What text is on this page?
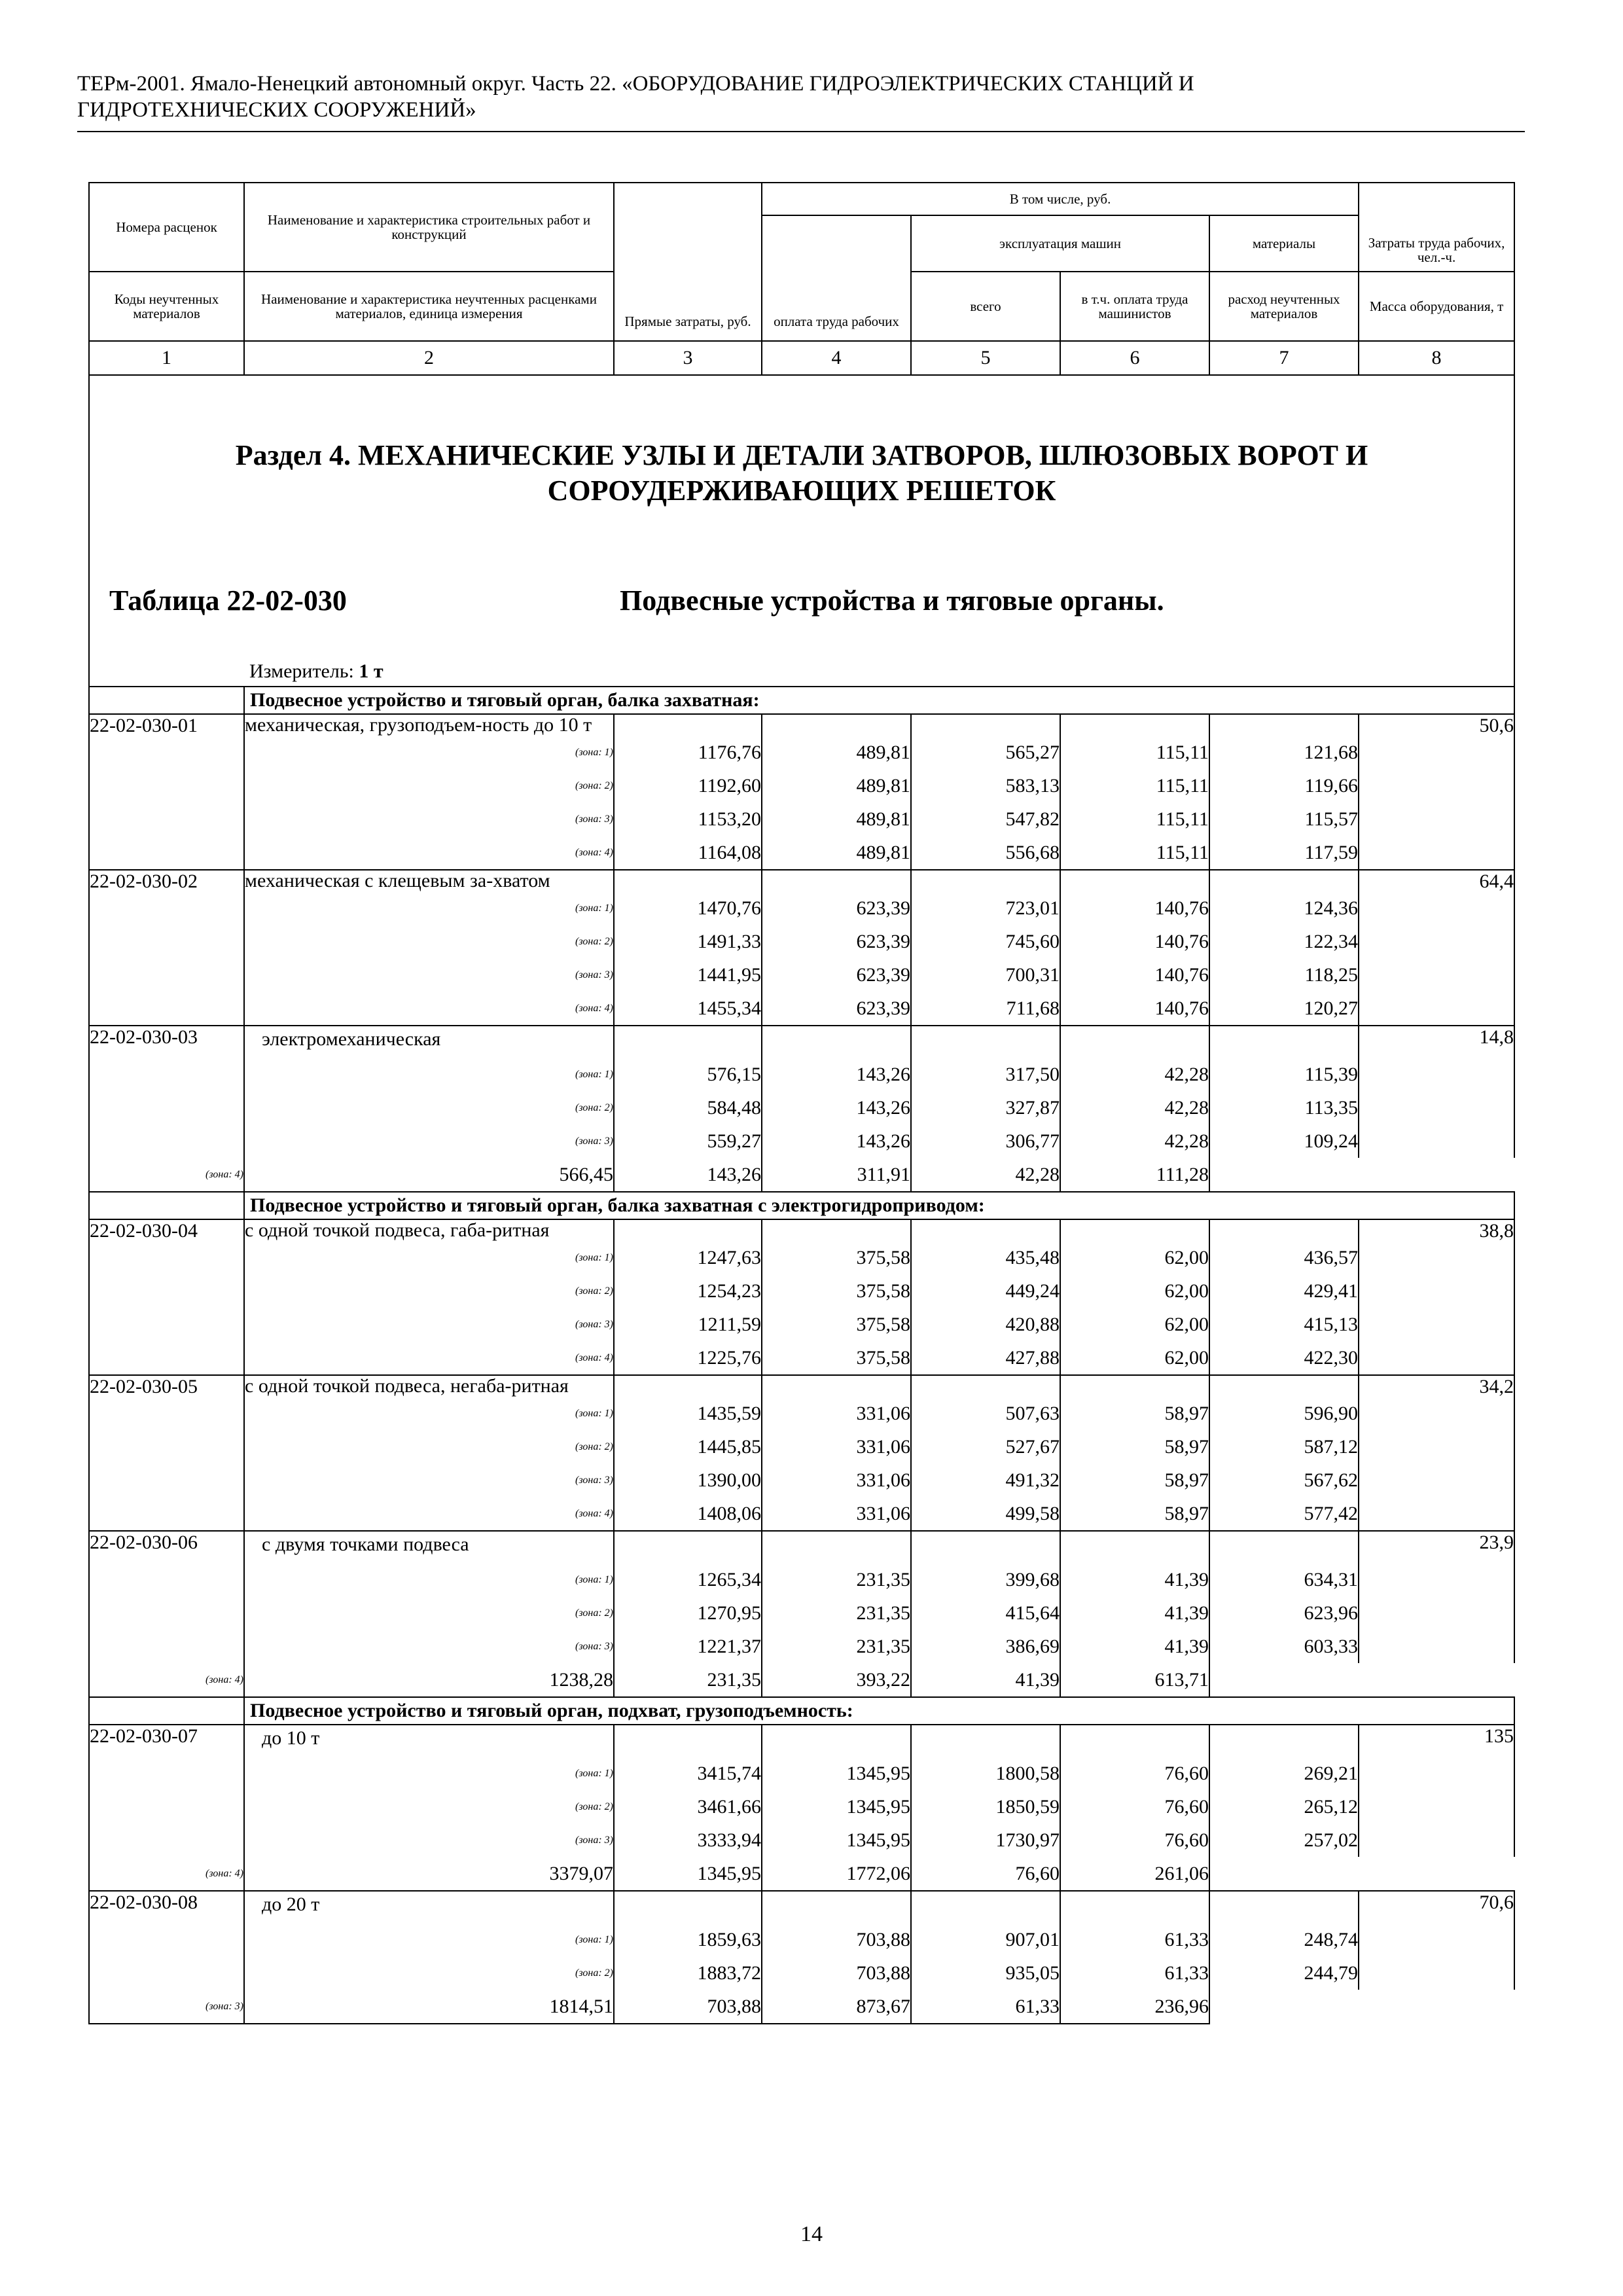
ТЕРм-2001. Ямало-Ненецкий автономный округ. Часть 22. «ОБОРУДОВАНИЕ ГИДРОЭЛЕКТРИЧЕСКИХ СТАНЦИЙ И
ГИДРОТЕХНИЧЕСКИХ СООРУЖЕНИЙ»
Номера расценок	Наименование и характеристика строительных работ и конструкций	Прямые затраты, руб.	В том числе, руб.				Затраты труда рабочих, чел.-ч.
			оплата труда рабочих	эксплуатация машин		материалы	
Коды неучтенных материалов	Наименование и характеристика неучтенных расценками материалов, единица измерения			всего	в т.ч. оплата труда машинистов	расход неучтенных материалов	Масса оборудования, т
1	2	3	4	5	6	7	8

Раздел 4. МЕХАНИЧЕСКИЕ УЗЛЫ И ДЕТАЛИ ЗАТВОРОВ, ШЛЮЗОВЫХ ВОРОТ И
СОРОУДЕРЖИВАЮЩИХ РЕШЕТОК
Таблица 22-02-030 Подвесные устройства и тяговые органы.							

	Измеритель: 1 т						
	Подвесное устройство и тяговый орган, балка захватная:						
22-02-030-01	механическая, грузоподъем-ность до 10 т						50,6
	(зона: 1)	1176,76	489,81	565,27	115,11	121,68	
	(зона: 2)	1192,60	489,81	583,13	115,11	119,66	
	(зона: 3)	1153,20	489,81	547,82	115,11	115,57	
	(зона: 4)	1164,08	489,81	556,68	115,11	117,59	
22-02-030-02	механическая с клещевым за-хватом						64,4
	(зона: 1)	1470,76	623,39	723,01	140,76	124,36	
	(зона: 2)	1491,33	623,39	745,60	140,76	122,34	
	(зона: 3)	1441,95	623,39	700,31	140,76	118,25	
	(зона: 4)	1455,34	623,39	711,68	140,76	120,27	
22-02-030-03	электромеханическая						14,8
	(зона: 1)	576,15	143,26	317,50	42,28	115,39	
	(зона: 2)	584,48	143,26	327,87	42,28	113,35	
	(зона: 3)	559,27	143,26	306,77	42,28	109,24	
(зона: 4)	566,45	143,26	311,91	42,28	111,28		
	Подвесное устройство и тяговый орган, балка захватная с электрогидроприводом:						
22-02-030-04	с одной точкой подвеса, габа-ритная						38,8
	(зона: 1)	1247,63	375,58	435,48	62,00	436,57	
	(зона: 2)	1254,23	375,58	449,24	62,00	429,41	
	(зона: 3)	1211,59	375,58	420,88	62,00	415,13	
	(зона: 4)	1225,76	375,58	427,88	62,00	422,30	
22-02-030-05	с одной точкой подвеса, негаба-ритная						34,2
	(зона: 1)	1435,59	331,06	507,63	58,97	596,90	
	(зона: 2)	1445,85	331,06	527,67	58,97	587,12	
	(зона: 3)	1390,00	331,06	491,32	58,97	567,62	
	(зона: 4)	1408,06	331,06	499,58	58,97	577,42	
22-02-030-06	с двумя точками подвеса						23,9
	(зона: 1)	1265,34	231,35	399,68	41,39	634,31	
	(зона: 2)	1270,95	231,35	415,64	41,39	623,96	
	(зона: 3)	1221,37	231,35	386,69	41,39	603,33	
(зона: 4)	1238,28	231,35	393,22	41,39	613,71		
	Подвесное устройство и тяговый орган, подхват, грузоподъемность:						
22-02-030-07	до 10 т						135
	(зона: 1)	3415,74	1345,95	1800,58	76,60	269,21	
	(зона: 2)	3461,66	1345,95	1850,59	76,60	265,12	
	(зона: 3)	3333,94	1345,95	1730,97	76,60	257,02	
(зона: 4)	3379,07	1345,95	1772,06	76,60	261,06		
22-02-030-08	до 20 т						70,6
	(зона: 1)	1859,63	703,88	907,01	61,33	248,74	
	(зона: 2)	1883,72	703,88	935,05	61,33	244,79	
(зона: 3)	1814,51	703,88	873,67	61,33	236,96		
14
